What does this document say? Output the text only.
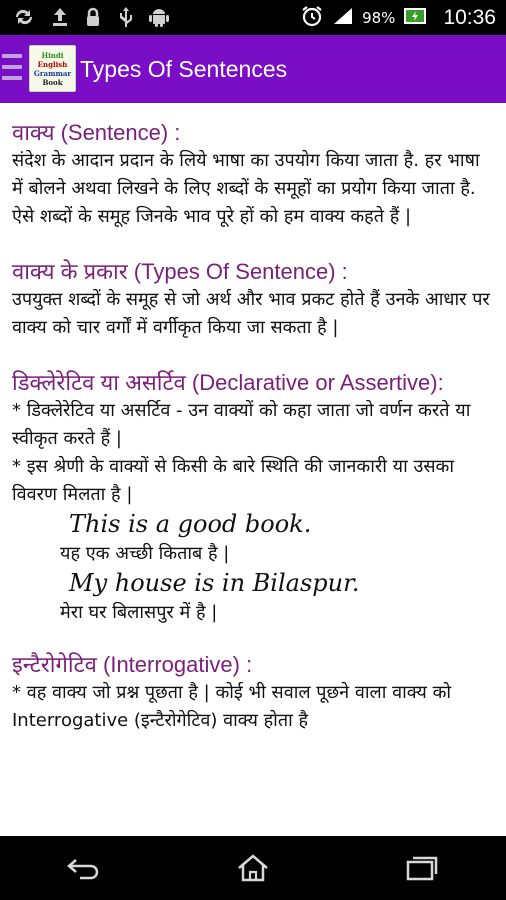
98% 10:36
Hindi
English
Grammar
Book Types Of Sentences

वाक्य (Sentence) :

संदेश के आदान प्रदान के लिये भाषा का उपयोग किया जाता है. हर भाषा में बोलने अथवा लिखने के लिए शब्दों के समूहों का प्रयोग किया जाता है. ऐसे शब्दों के समूह जिनके भाव पूरे हों को हम वाक्य कहते हैं |

वाक्य के प्रकार (Types Of Sentence) :

उपयुक्त शब्दों के समूह से जो अर्थ और भाव प्रकट होते हैं उनके आधार पर वाक्य को चार वर्गों में वर्गीकृत किया जा सकता है |

डिक्लेरेटिव या असर्टिव (Declarative or Assertive):

* डिक्लेरेटिव या असर्टिव - उन वाक्यों को कहा जाता जो वर्णन करते या स्वीकृत करते हैं |

* इस श्रेणी के वाक्यों से किसी के बारे स्थिति की जानकारी या उसका विवरण मिलता है |

This is a good book.

यह एक अच्छी किताब है |

My house is in Bilaspur.

मेरा घर बिलासपुर में है |

इन्टैरोगेटिव (Interrogative) :

* वह वाक्य जो प्रश्न पूछता है | कोई भी सवाल पूछने वाला वाक्य को Interrogative (इन्टैरोगेटिव) वाक्य होता है
